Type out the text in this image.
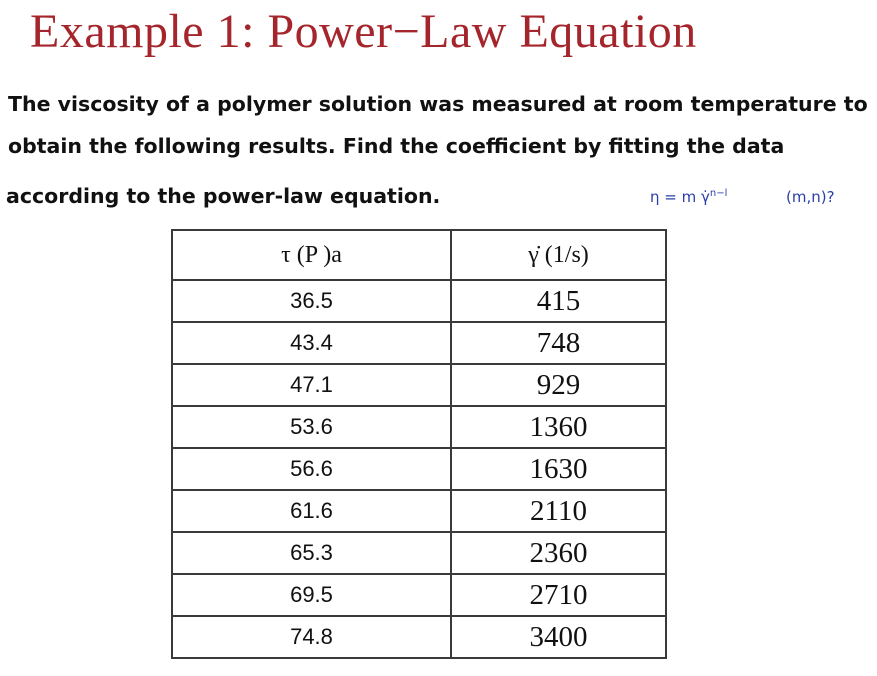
Example 1: Power−Law Equation
The viscosity of a polymer solution was measured at room temperature to
obtain the following results. Find the coefficient by fitting the data
according to the power-law equation.	η = m γ̇$^{n-l}$	(m,n)?
τ (P )a	γ̇ (1/s)
36.5	415
43.4	748
47.1	929
53.6	1360
56.6	1630
61.6	2110
65.3	2360
69.5	2710
74.8	3400
